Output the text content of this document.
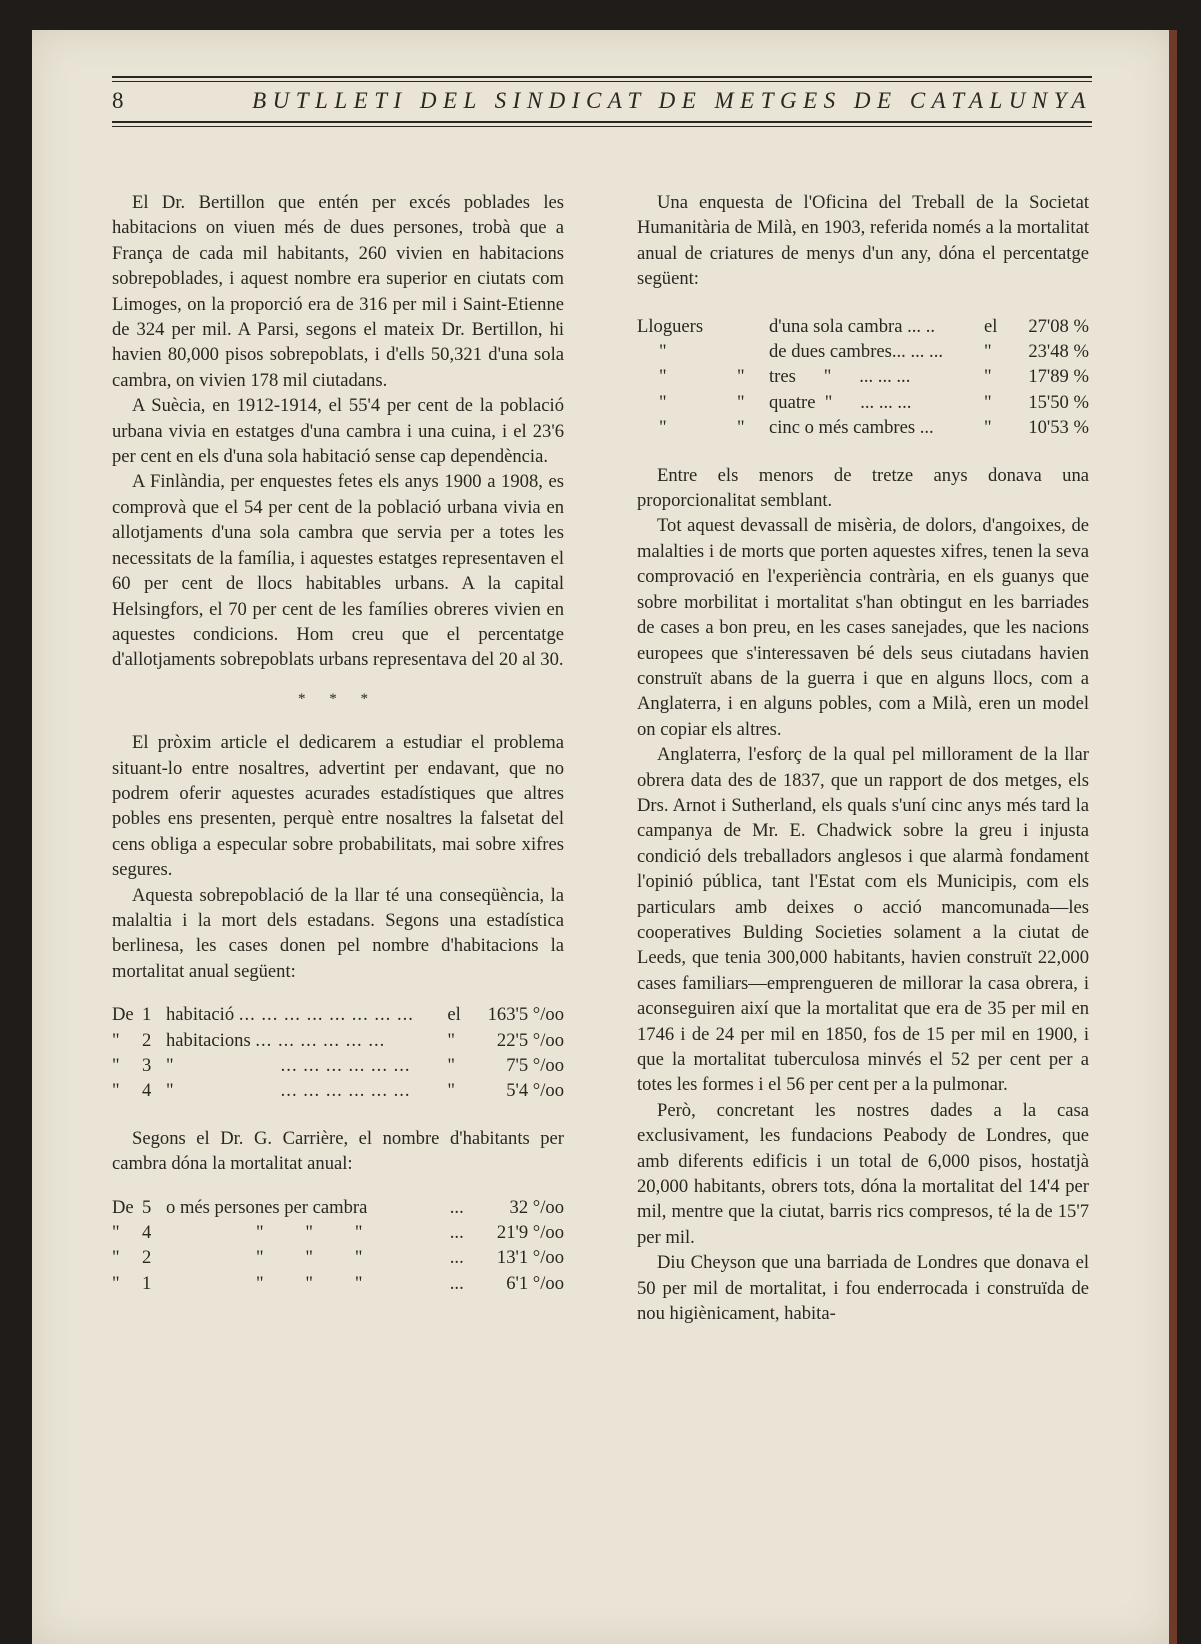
8	BUTLLETI DEL SINDICAT DE METGES DE CATALUNYA

El Dr. Bertillon que entén per excés poblades les habitacions on viuen més de dues persones, trobà que a França de cada mil habitants, 260 vivien en habitacions sobrepoblades, i aquest nombre era superior en ciutats com Limoges, on la proporció era de 316 per mil i Saint-Etienne de 324 per mil. A Parsi, segons el mateix Dr. Bertillon, hi havien 80,000 pisos sobrepoblats, i d'ells 50,321 d'una sola cambra, on vivien 178 mil ciutadans.

A Suècia, en 1912-1914, el 55'4 per cent de la població urbana vivia en estatges d'una cambra i una cuina, i el 23'6 per cent en els d'una sola habitació sense cap dependència.

A Finlàndia, per enquestes fetes els anys 1900 a 1908, es comprovà que el 54 per cent de la població urbana vivia en allotjaments d'una sola cambra que servia per a totes les necessitats de la família, i aquestes estatges representaven el 60 per cent de llocs habitables urbans. A la capital Helsingfors, el 70 per cent de les famílies obreres vivien en aquestes condicions. Hom creu que el percentatge d'allotjaments sobrepoblats urbans representava del 20 al 30.

* * *

El pròxim article el dedicarem a estudiar el problema situant-lo entre nosaltres, advertint per endavant, que no podrem oferir aquestes acurades estadístiques que altres pobles ens presenten, perquè entre nosaltres la falsetat del cens obliga a especular sobre probabilitats, mai sobre xifres segures.

Aquesta sobrepoblació de la llar té una conseqüència, la malaltia i la mort dels estadans. Segons una estadística berlinesa, les cases donen pel nombre d'habitacions la mortalitat anual següent:

De	1	habitació ... ... ... ... ... ... ... ...	el	163'5 °/oo
"	2	habitacions ... ... ... ... ... ...	"	22'5 °/oo
"	3	" ... ... ... ... ... ...	"	7'5 °/oo
"	4	" ... ... ... ... ... ...	"	5'4 °/oo

Segons el Dr. G. Carrière, el nombre d'habitants per cambra dóna la mortalitat anual:

De	5	o més persones per cambra	...	32 °/oo
"	4	"         "         "	...	21'9 °/oo
"	2	"         "         "	...	13'1 °/oo
"	1	"         "         "	...	6'1 °/oo

Una enquesta de l'Oficina del Treball de la Societat Humanitària de Milà, en 1903, referida només a la mortalitat anual de criatures de menys d'un any, dóna el percentatge següent:

Lloguers		d'una sola cambra ... ..	el	27'08 %
"		de dues cambres... ... ...	"	23'48 %
"	"	tres      "      ... ... ...	"	17'89 %
"	"	quatre  "      ... ... ...	"	15'50 %
"	"	cinc o més cambres ...	"	10'53 %

Entre els menors de tretze anys donava una proporcionalitat semblant.

Tot aquest devassall de misèria, de dolors, d'angoixes, de malalties i de morts que porten aquestes xifres, tenen la seva comprovació en l'experiència contrària, en els guanys que sobre morbilitat i mortalitat s'han obtingut en les barriades de cases a bon preu, en les cases sanejades, que les nacions europees que s'interessaven bé dels seus ciutadans havien construït abans de la guerra i que en alguns llocs, com a Anglaterra, i en alguns pobles, com a Milà, eren un model on copiar els altres.

Anglaterra, l'esforç de la qual pel millorament de la llar obrera data des de 1837, que un rapport de dos metges, els Drs. Arnot i Sutherland, els quals s'uní cinc anys més tard la campanya de Mr. E. Chadwick sobre la greu i injusta condició dels treballadors anglesos i que alarmà fondament l'opinió pública, tant l'Estat com els Municipis, com els particulars amb deixes o acció mancomunada—les cooperatives Bulding Societies solament a la ciutat de Leeds, que tenia 300,000 habitants, havien construït 22,000 cases familiars—emprengueren de millorar la casa obrera, i aconseguiren així que la mortalitat que era de 35 per mil en 1746 i de 24 per mil en 1850, fos de 15 per mil en 1900, i que la mortalitat tuberculosa minvés el 52 per cent per a totes les formes i el 56 per cent per a la pulmonar.

Però, concretant les nostres dades a la casa exclusivament, les fundacions Peabody de Londres, que amb diferents edificis i un total de 6,000 pisos, hostatjà 20,000 habitants, obrers tots, dóna la mortalitat del 14'4 per mil, mentre que la ciutat, barris rics compresos, té la de 15'7 per mil.

Diu Cheyson que una barriada de Londres que donava el 50 per mil de mortalitat, i fou enderrocada i construïda de nou higiènicament, habita-
